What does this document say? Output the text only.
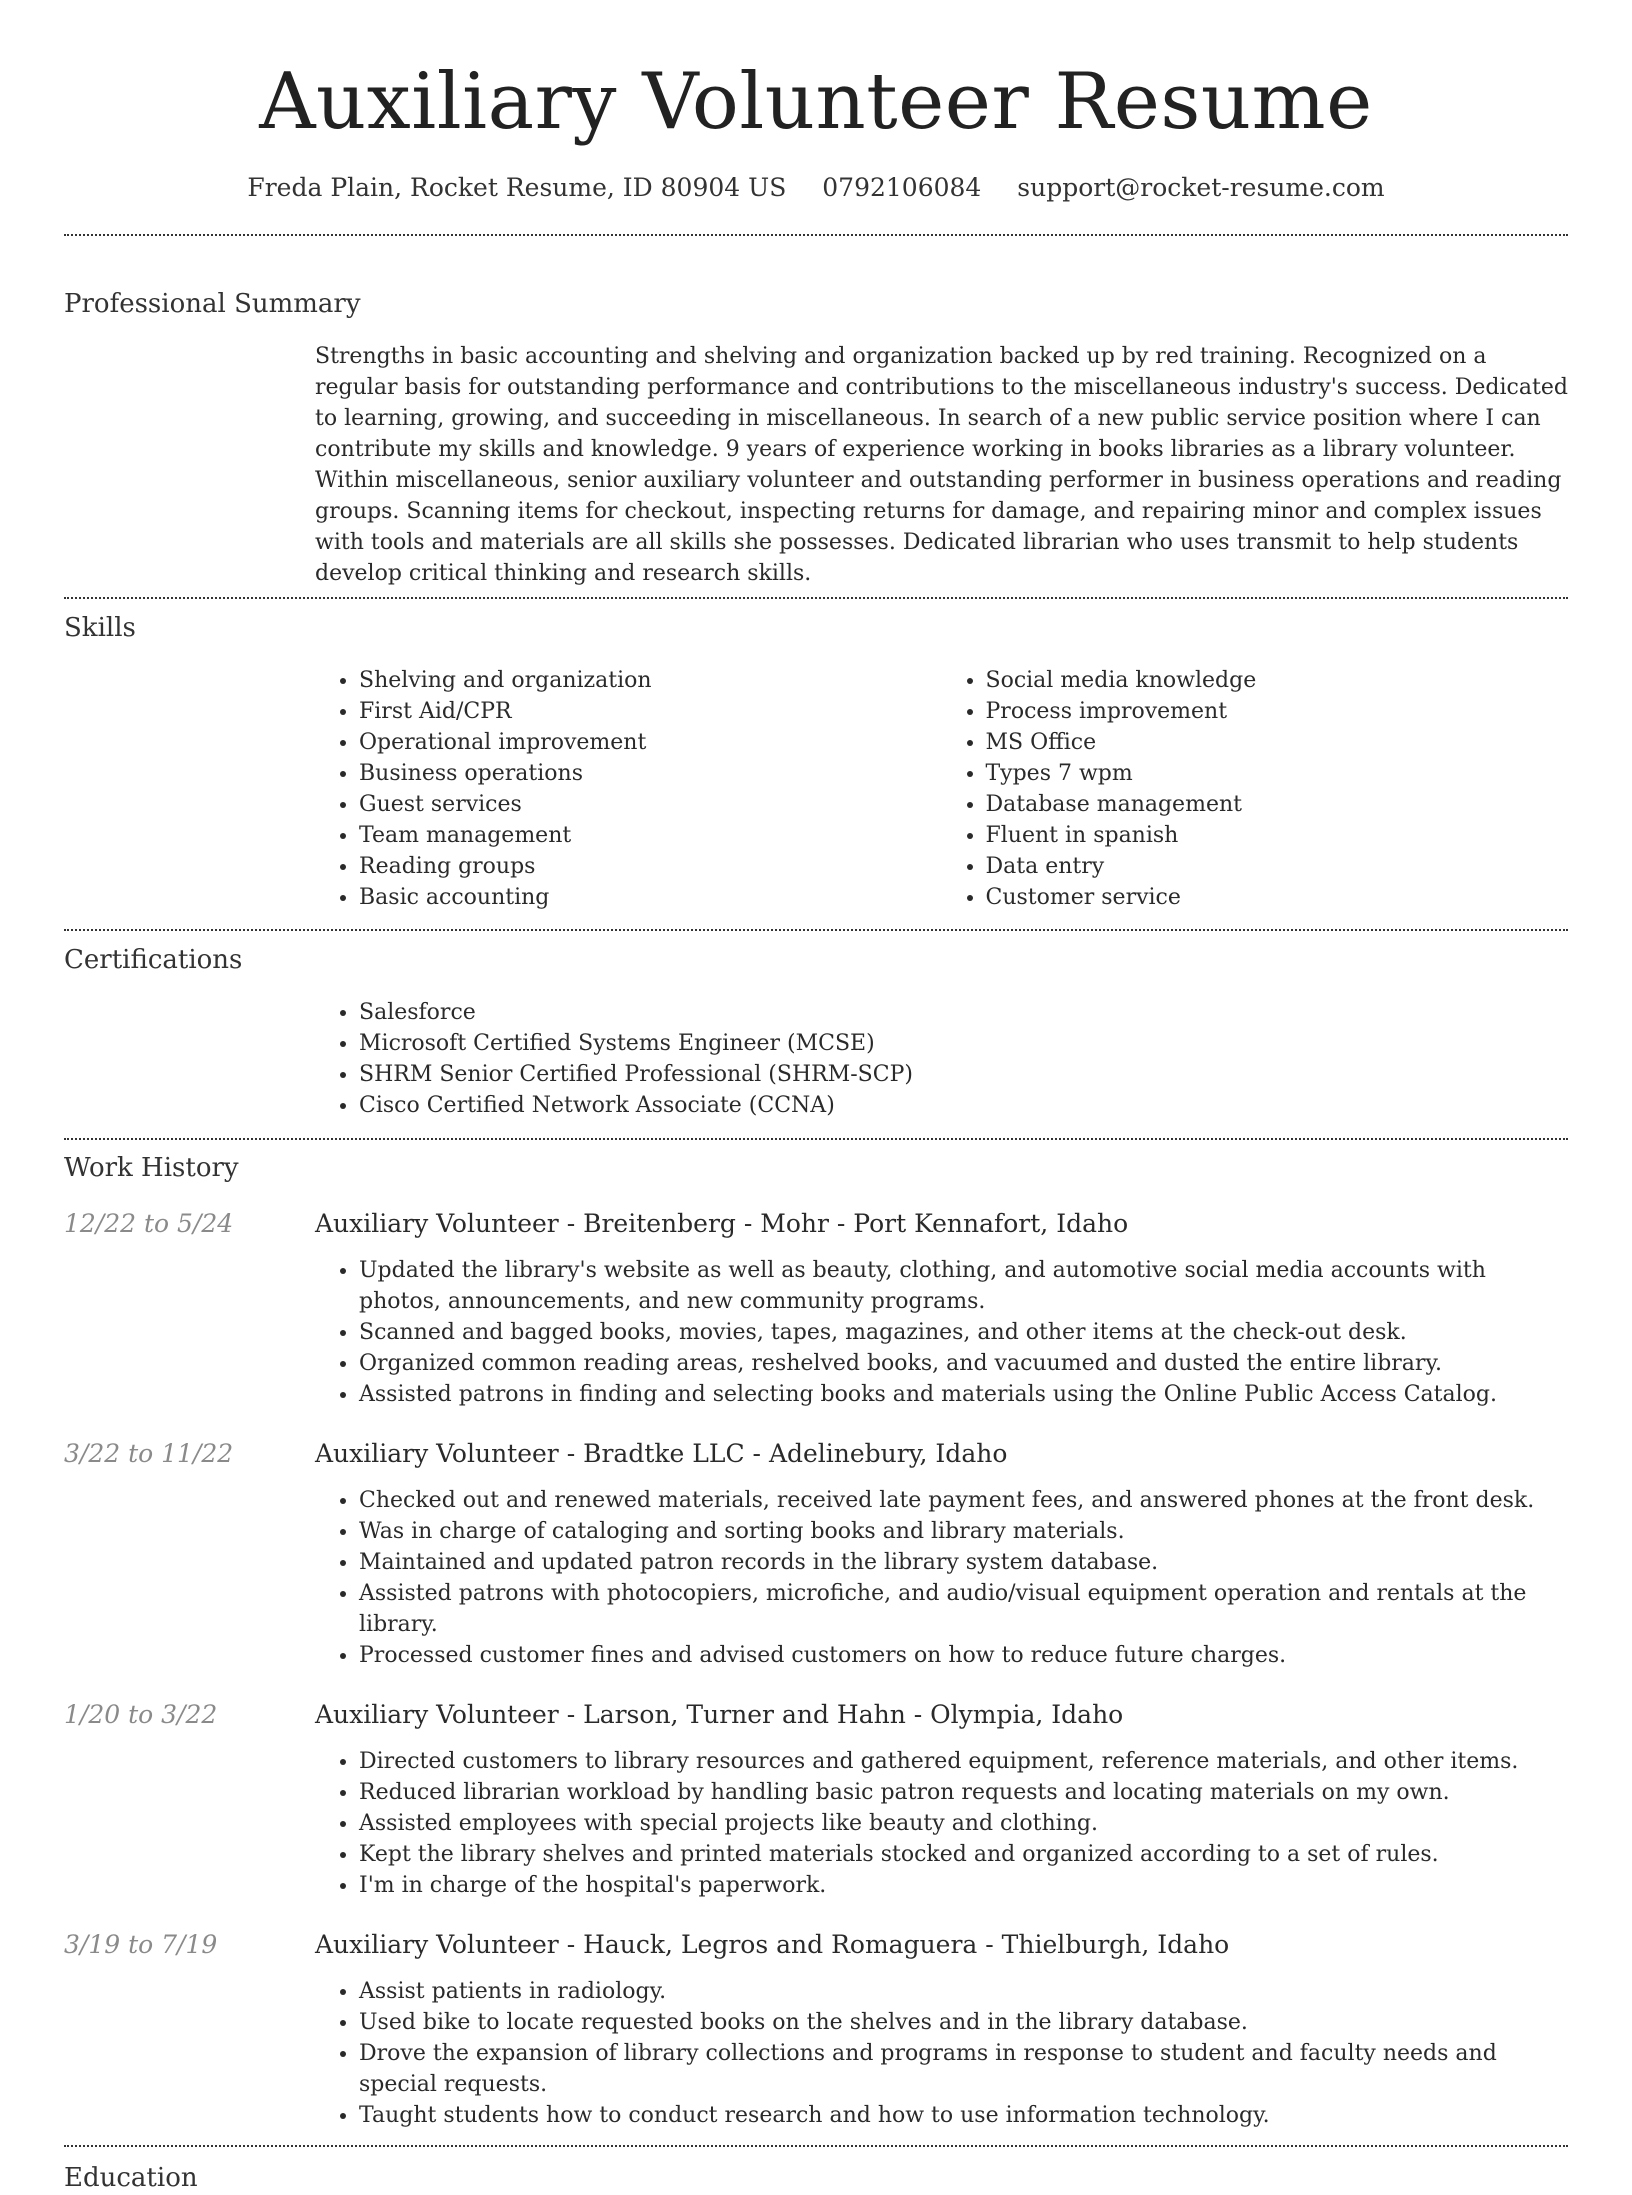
Auxiliary Volunteer Resume
Freda Plain, Rocket Resume, ID 80904 US 0792106084 support@rocket-resume.com
Professional Summary

Strengths in basic accounting and shelving and organization backed up by red training. Recognized on a regular basis for outstanding performance and contributions to the miscellaneous industry's success. Dedicated to learning, growing, and succeeding in miscellaneous. In search of a new public service position where I can contribute my skills and knowledge. 9 years of experience working in books libraries as a library volunteer. Within miscellaneous, senior auxiliary volunteer and outstanding performer in business operations and reading groups. Scanning items for checkout, inspecting returns for damage, and repairing minor and complex issues with tools and materials are all skills she possesses. Dedicated librarian who uses transmit to help students develop critical thinking and research skills.

Skills
• Shelving and organization
• First Aid/CPR
• Operational improvement
• Business operations
• Guest services
• Team management
• Reading groups
• Basic accounting
• Social media knowledge
• Process improvement
• MS Office
• Types 7 wpm
• Database management
• Fluent in spanish
• Data entry
• Customer service
Certifications
• Salesforce
• Microsoft Certified Systems Engineer (MCSE)
• SHRM Senior Certified Professional (SHRM-SCP)
• Cisco Certified Network Associate (CCNA)
Work History
12/22 to 5/24	Auxiliary Volunteer - Breitenberg - Mohr - Port Kennafort, Idaho
• Updated the library's website as well as beauty, clothing, and automotive social media accounts with photos, announcements, and new community programs.
• Scanned and bagged books, movies, tapes, magazines, and other items at the check-out desk.
• Organized common reading areas, reshelved books, and vacuumed and dusted the entire library.
• Assisted patrons in finding and selecting books and materials using the Online Public Access Catalog.
3/22 to 11/22	Auxiliary Volunteer - Bradtke LLC - Adelinebury, Idaho
• Checked out and renewed materials, received late payment fees, and answered phones at the front desk.
• Was in charge of cataloging and sorting books and library materials.
• Maintained and updated patron records in the library system database.
• Assisted patrons with photocopiers, microfiche, and audio/visual equipment operation and rentals at the library.
• Processed customer fines and advised customers on how to reduce future charges.
1/20 to 3/22	Auxiliary Volunteer - Larson, Turner and Hahn - Olympia, Idaho
• Directed customers to library resources and gathered equipment, reference materials, and other items.
• Reduced librarian workload by handling basic patron requests and locating materials on my own.
• Assisted employees with special projects like beauty and clothing.
• Kept the library shelves and printed materials stocked and organized according to a set of rules.
• I'm in charge of the hospital's paperwork.
3/19 to 7/19	Auxiliary Volunteer - Hauck, Legros and Romaguera - Thielburgh, Idaho
• Assist patients in radiology.
• Used bike to locate requested books on the shelves and in the library database.
• Drove the expansion of library collections and programs in response to student and faculty needs and special requests.
• Taught students how to conduct research and how to use information technology.
Education
